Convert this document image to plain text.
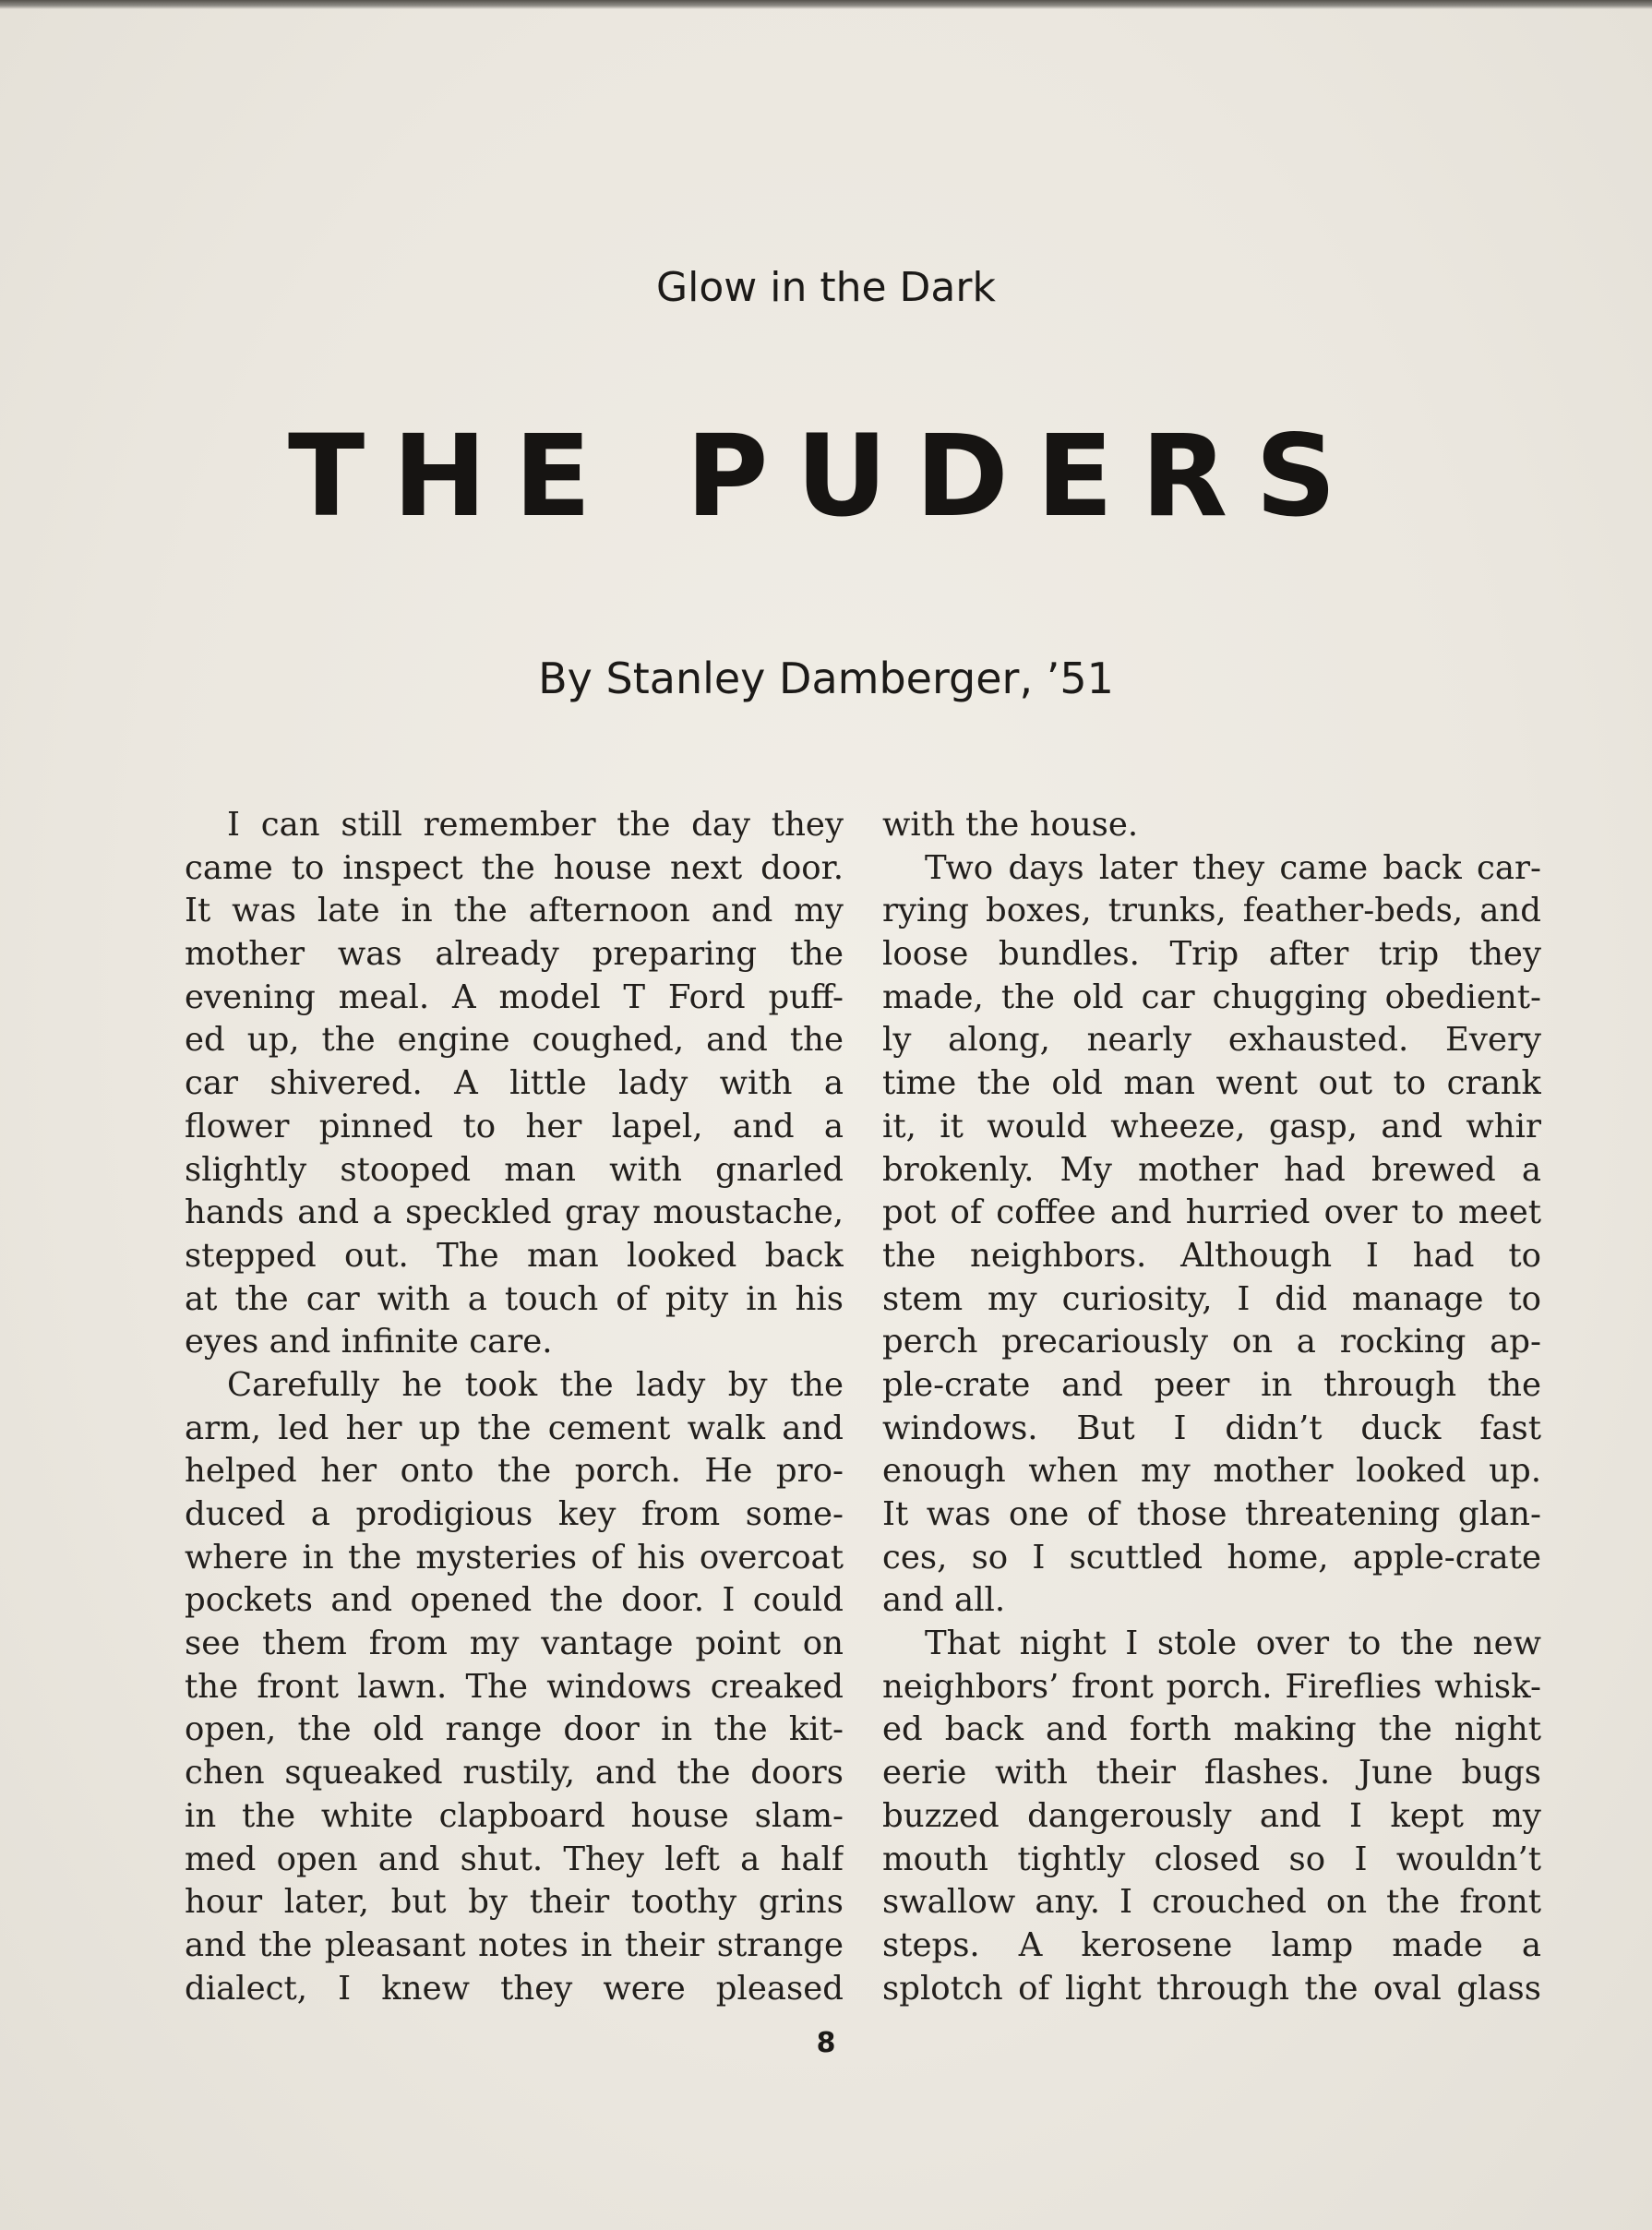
Glow in the Dark
THE PUDERS
By Stanley Damberger, ’51
I can still remember the day they
came to inspect the house next door.
It was late in the afternoon and my
mother was already preparing the
evening meal. A model T Ford puff-
ed up, the engine coughed, and the
car shivered. A little lady with a
flower pinned to her lapel, and a
slightly stooped man with gnarled
hands and a speckled gray moustache,
stepped out. The man looked back
at the car with a touch of pity in his
eyes and infinite care.
Carefully he took the lady by the
arm, led her up the cement walk and
helped her onto the porch. He pro-
duced a prodigious key from some-
where in the mysteries of his overcoat
pockets and opened the door. I could
see them from my vantage point on
the front lawn. The windows creaked
open, the old range door in the kit-
chen squeaked rustily, and the doors
in the white clapboard house slam-
med open and shut. They left a half
hour later, but by their toothy grins
and the pleasant notes in their strange
dialect, I knew they were pleased
with the house.
Two days later they came back car-
rying boxes, trunks, feather-beds, and
loose bundles. Trip after trip they
made, the old car chugging obedient-
ly along, nearly exhausted. Every
time the old man went out to crank
it, it would wheeze, gasp, and whir
brokenly. My mother had brewed a
pot of coffee and hurried over to meet
the neighbors. Although I had to
stem my curiosity, I did manage to
perch precariously on a rocking ap-
ple-crate and peer in through the
windows. But I didn’t duck fast
enough when my mother looked up.
It was one of those threatening glan-
ces, so I scuttled home, apple-crate
and all.
That night I stole over to the new
neighbors’ front porch. Fireflies whisk-
ed back and forth making the night
eerie with their flashes. June bugs
buzzed dangerously and I kept my
mouth tightly closed so I wouldn’t
swallow any. I crouched on the front
steps. A kerosene lamp made a
splotch of light through the oval glass
8
